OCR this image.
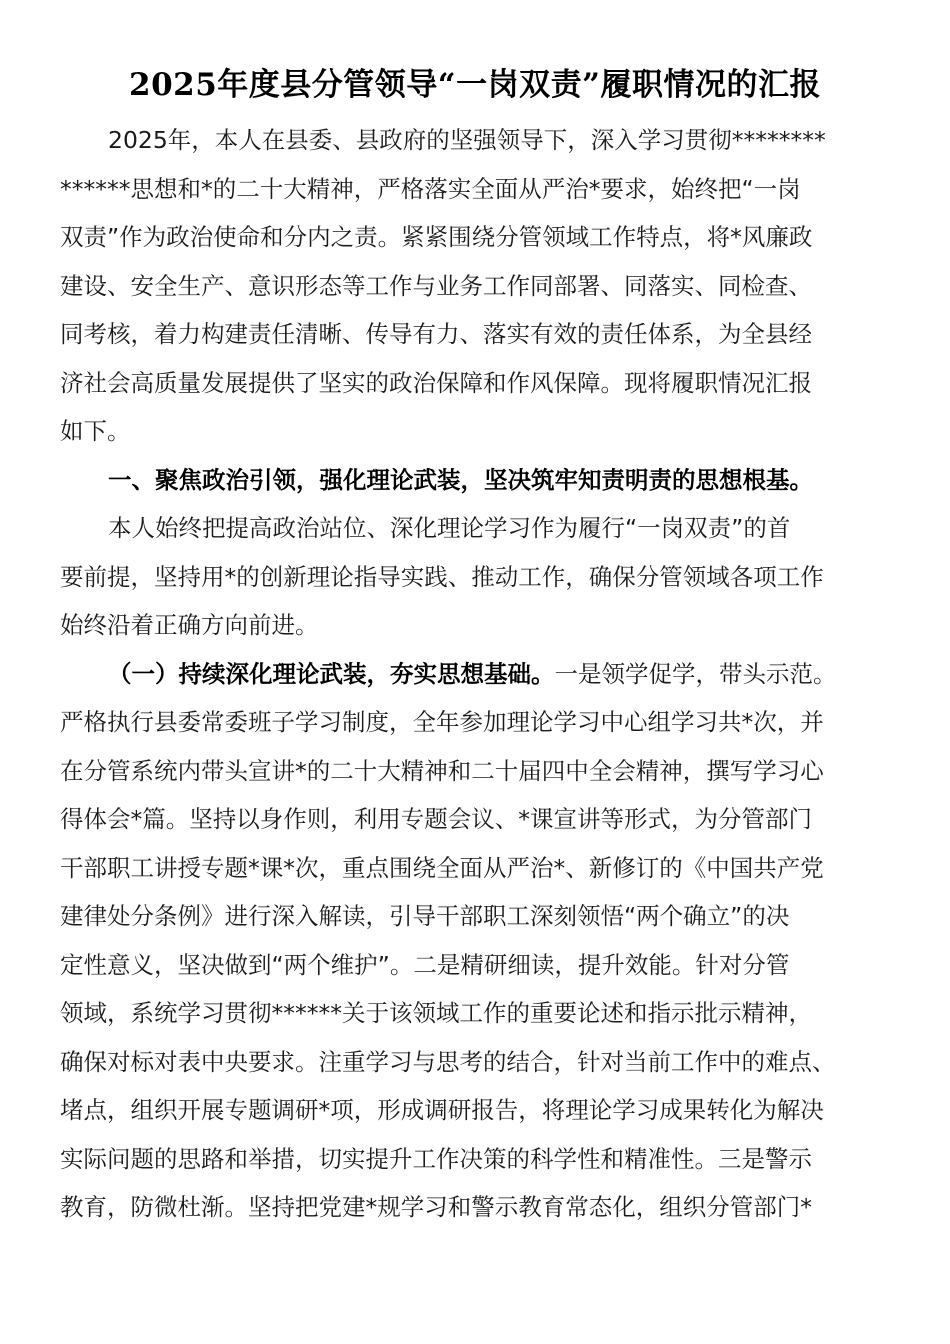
2025年度县分管领导“一岗双责”履职情况的汇报
2025年，本人在县委、县政府的坚强领导下，深入学习贯彻********
******思想和*的二十大精神，严格落实全面从严治*要求，始终把“一岗
双责”作为政治使命和分内之责。紧紧围绕分管领域工作特点，将*风廉政
建设、安全生产、意识形态等工作与业务工作同部署、同落实、同检查、
同考核，着力构建责任清晰、传导有力、落实有效的责任体系，为全县经
济社会高质量发展提供了坚实的政治保障和作风保障。现将履职情况汇报
如下。
一、聚焦政治引领，强化理论武装，坚决筑牢知责明责的思想根基。
本人始终把提高政治站位、深化理论学习作为履行“一岗双责”的首
要前提，坚持用*的创新理论指导实践、推动工作，确保分管领域各项工作
始终沿着正确方向前进。
（一）持续深化理论武装，夯实思想基础。一是领学促学，带头示范。
严格执行县委常委班子学习制度，全年参加理论学习中心组学习共*次，并
在分管系统内带头宣讲*的二十大精神和二十届四中全会精神，撰写学习心
得体会*篇。坚持以身作则，利用专题会议、*课宣讲等形式，为分管部门
干部职工讲授专题*课*次，重点围绕全面从严治*、新修订的《中国共产党
建律处分条例》进行深入解读，引导干部职工深刻领悟“两个确立”的决
定性意义，坚决做到“两个维护”。二是精研细读，提升效能。针对分管
领域，系统学习贯彻******关于该领域工作的重要论述和指示批示精神，
确保对标对表中央要求。注重学习与思考的结合，针对当前工作中的难点、
堵点，组织开展专题调研*项，形成调研报告，将理论学习成果转化为解决
实际问题的思路和举措，切实提升工作决策的科学性和精准性。三是警示
教育，防微杜渐。坚持把党建*规学习和警示教育常态化，组织分管部门*
